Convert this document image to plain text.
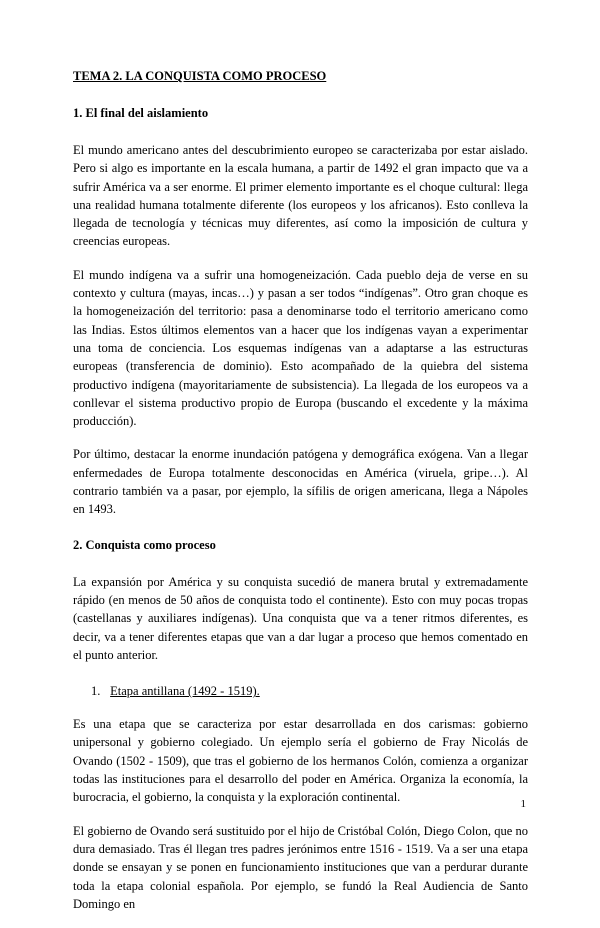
TEMA 2. LA CONQUISTA COMO PROCESO
1. El final del aislamiento

El mundo americano antes del descubrimiento europeo se caracterizaba por estar aislado. Pero si algo es importante en la escala humana, a partir de 1492 el gran impacto que va a sufrir América va a ser enorme. El primer elemento importante es el choque cultural: llega una realidad humana totalmente diferente (los europeos y los africanos). Esto conlleva la llegada de tecnología y técnicas muy diferentes, así como la imposición de cultura y creencias europeas.

El mundo indígena va a sufrir una homogeneización. Cada pueblo deja de verse en su contexto y cultura (mayas, incas…) y pasan a ser todos “indígenas”. Otro gran choque es la homogeneización del territorio: pasa a denominarse todo el territorio americano como las Indias. Estos últimos elementos van a hacer que los indígenas vayan a experimentar una toma de conciencia. Los esquemas indígenas van a adaptarse a las estructuras europeas (transferencia de dominio). Esto acompañado de la quiebra del sistema productivo indígena (mayoritariamente de subsistencia). La llegada de los europeos va a conllevar el sistema productivo propio de Europa (buscando el excedente y la máxima producción).

Por último, destacar la enorme inundación patógena y demográfica exógena. Van a llegar enfermedades de Europa totalmente desconocidas en América (viruela, gripe…). Al contrario también va a pasar, por ejemplo, la sífilis de origen americana, llega a Nápoles en 1493.

2. Conquista como proceso

La expansión por América y su conquista sucedió de manera brutal y extremadamente rápido (en menos de 50 años de conquista todo el continente). Esto con muy pocas tropas (castellanas y auxiliares indígenas). Una conquista que va a tener ritmos diferentes, es decir, va a tener diferentes etapas que van a dar lugar a proceso que hemos comentado en el punto anterior.

1. Etapa antillana (1492 - 1519).

Es una etapa que se caracteriza por estar desarrollada en dos carismas: gobierno unipersonal y gobierno colegiado. Un ejemplo sería el gobierno de Fray Nicolás de Ovando (1502 - 1509), que tras el gobierno de los hermanos Colón, comienza a organizar todas las instituciones para el desarrollo del poder en América. Organiza la economía, la burocracia, el gobierno, la conquista y la exploración continental.

El gobierno de Ovando será sustituido por el hijo de Cristóbal Colón, Diego Colon, que no dura demasiado. Tras él llegan tres padres jerónimos entre 1516 - 1519. Va a ser una etapa donde se ensayan y se ponen en funcionamiento instituciones que van a perdurar durante toda la etapa colonial española. Por ejemplo, se fundó la Real Audiencia de Santo Domingo en

1
